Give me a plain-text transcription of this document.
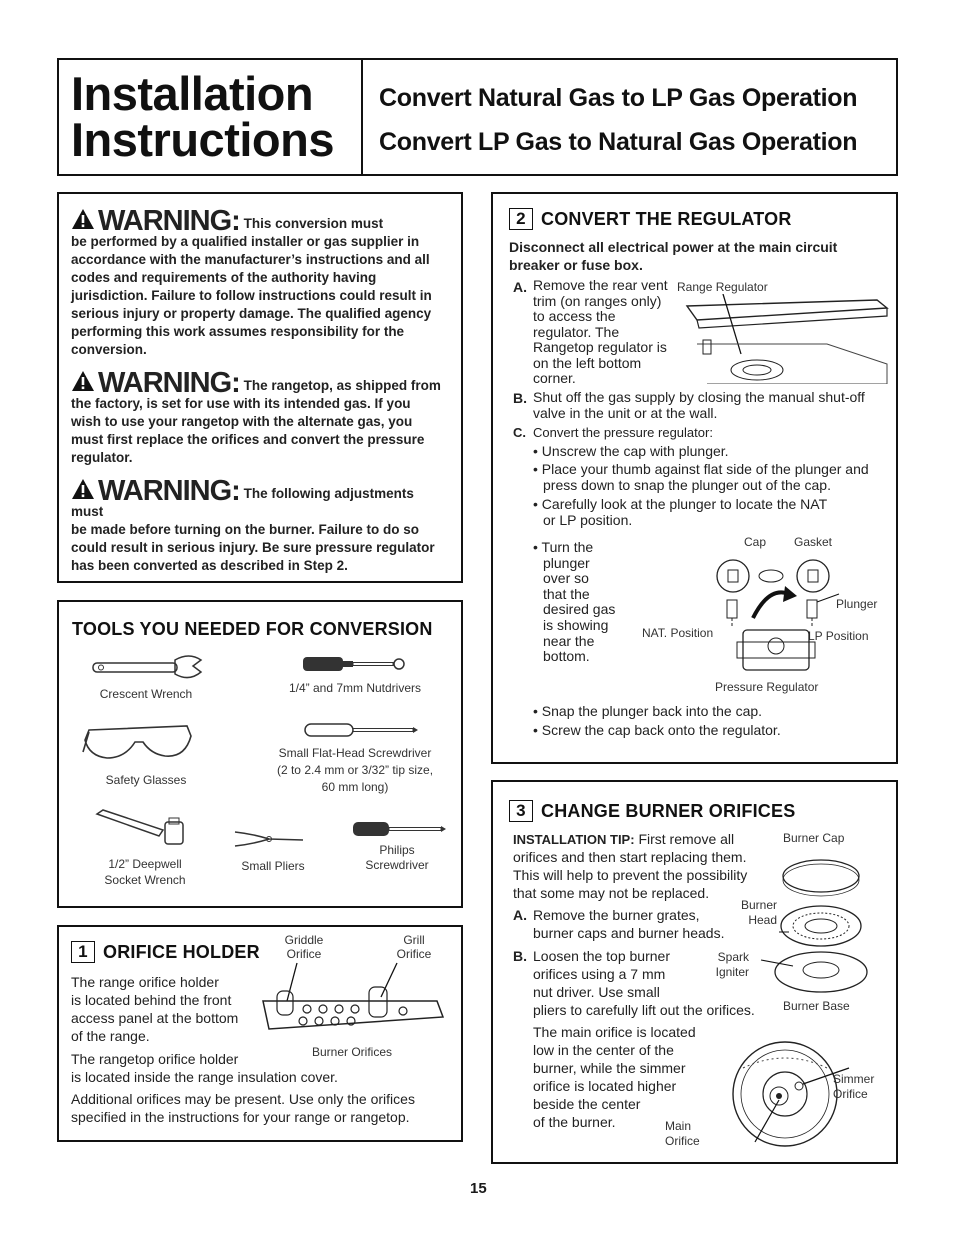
Installation
Instructions
Convert Natural Gas to LP Gas Operation
Convert LP Gas to Natural Gas Operation
WARNING: This conversion must
be performed by a qualified installer or gas supplier in accordance with the manufacturer’s instructions and all codes and requirements of the authority having jurisdiction. Failure to follow instructions could result in serious injury or property damage. The qualified agency performing this work assumes responsibility for the conversion.
WARNING: The rangetop, as shipped from
the factory, is set for use with its intended gas. If you wish to use your rangetop with the alternate gas, you must first replace the orifices and convert the pressure regulator.
WARNING: The following adjustments must
be made before turning on the burner. Failure to do so could result in serious injury. Be sure pressure regulator has been converted as described in Step 2.
TOOLS YOU NEEDED FOR CONVERSION
Crescent Wrench	1/4” and 7mm Nutdrivers
Safety Glasses
Small Flat-Head Screwdriver
(2 to 2.4 mm or 3/32” tip size,
60 mm long)
1/2” Deepwell
Socket Wrench
Small Pliers
Philips
Screwdriver
1 ORIFICE HOLDER
Griddle
Orifice
Grill
Orifice
Burner Orifices
The range orifice holder
is located behind the front
access panel at the bottom
of the range.
The rangetop orifice holder
is located inside the range insulation cover.
Additional orifices may be present. Use only the orifices
specified in the instructions for your range or rangetop.
2 CONVERT THE REGULATOR
Disconnect all electrical power at the main circuit
breaker or fuse box.
Range Regulator
A. Remove the rear vent
trim (on ranges only)
to access the
regulator. The
Rangetop regulator is
on the left bottom
corner.
B. Shut off the gas supply by closing the manual shut-off
valve in the unit or at the wall.
C. Convert the pressure regulator:
• Unscrew the cap with plunger.
• Place your thumb against flat side of the plunger and
press down to snap the plunger out of the cap.
• Carefully look at the plunger to locate the NAT
or LP position.
• Turn the
plunger
over so
that the
desired gas
is showing
near the
bottom.
Cap Gasket
Plunger
NAT. Position	LP Position
Pressure Regulator
• Snap the plunger back into the cap.
• Screw the cap back onto the regulator.
3 CHANGE BURNER ORIFICES
INSTALLATION TIP: First remove all
orifices and then start replacing them.
This will help to prevent the possibility
that some may not be replaced.
A. Remove the burner grates,
burner caps and burner heads.
B. Loosen the top burner
orifices using a 7 mm
nut driver. Use small
pliers to carefully lift out the orifices.
The main orifice is located
low in the center of the
burner, while the simmer
orifice is located higher
beside the center
of the burner.
Burner Cap
Burner
Head
Spark
Igniter
Burner Base
Simmer
Orifice
Main
Orifice
15
